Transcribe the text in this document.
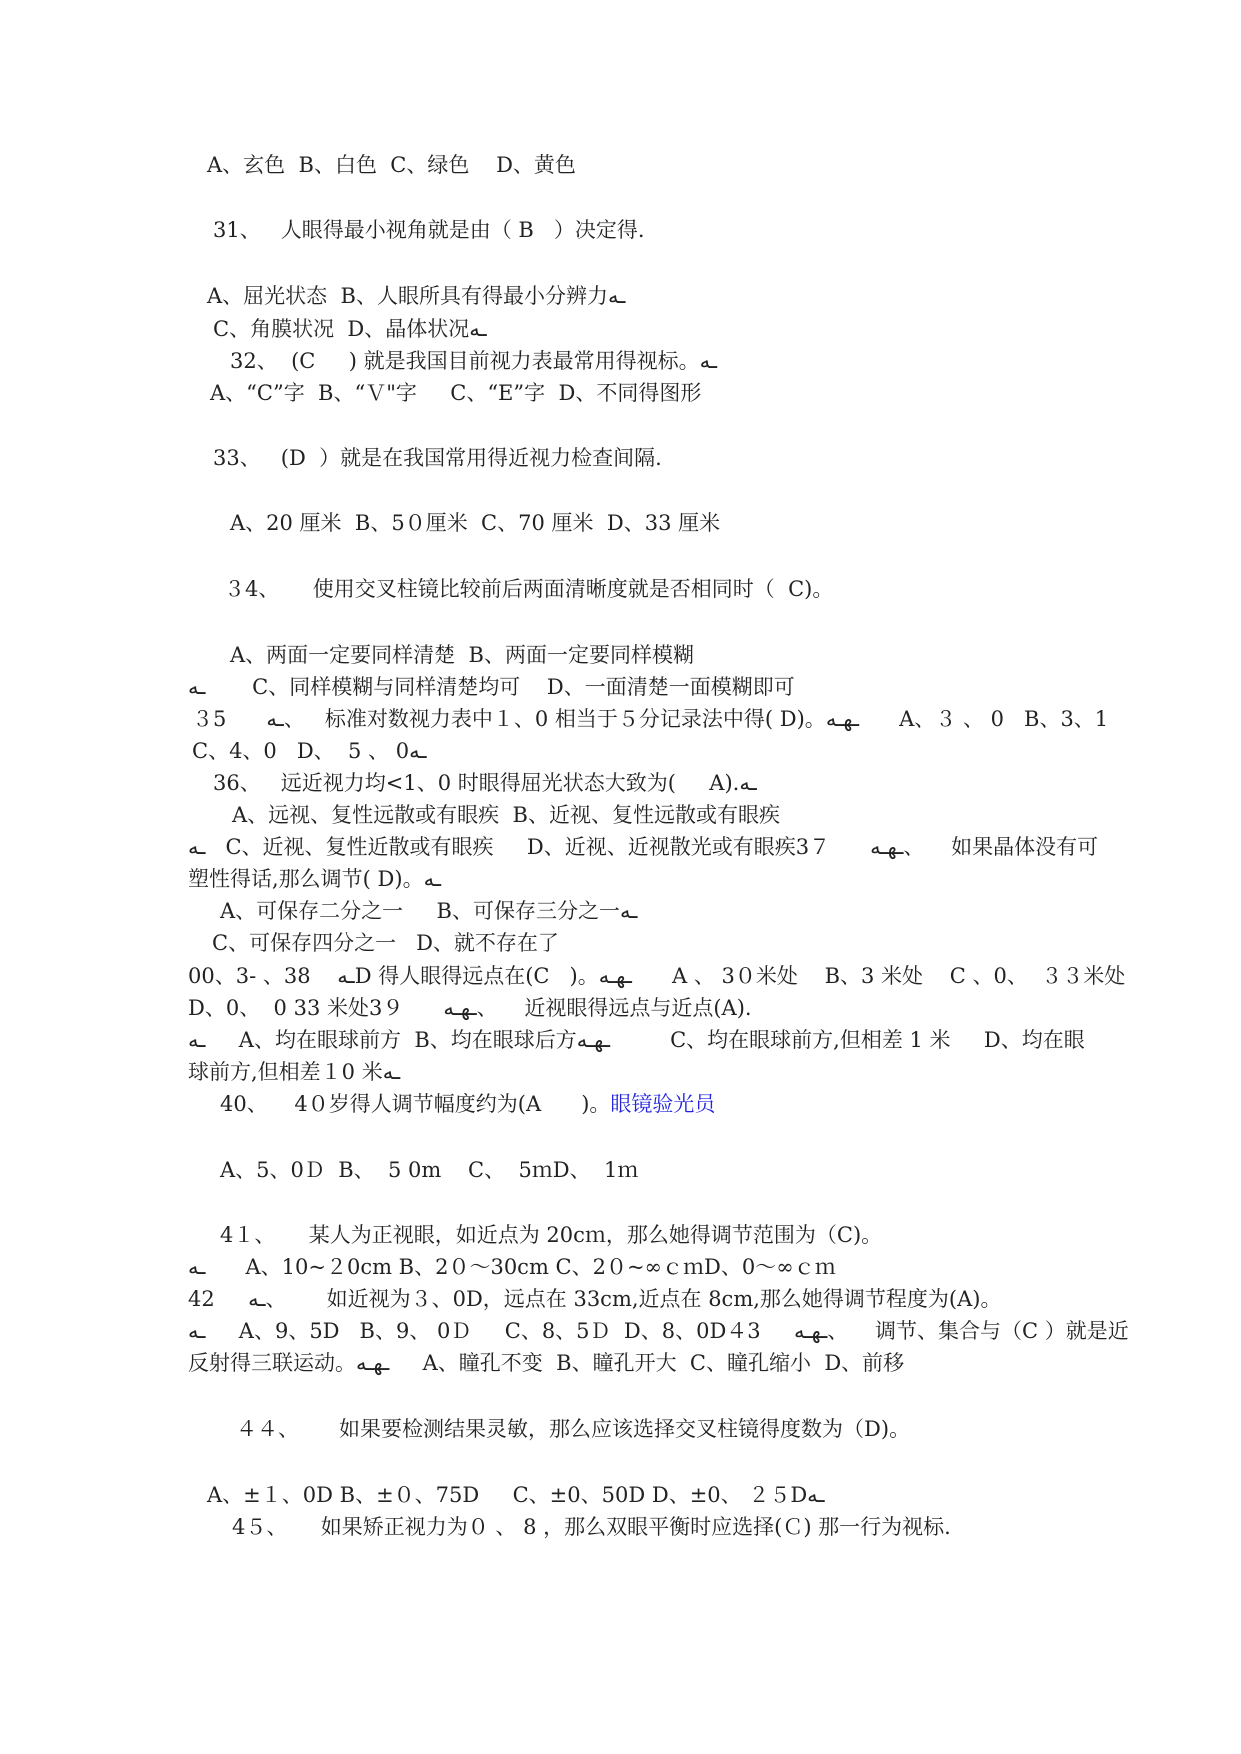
A、玄色  B、白色  C、绿色    D、黄色
31、   人眼得最小视角就是由（ B   ）决定得.
A、屈光状态  B、人眼所具有得最小分辨力ـه
C、角膜状况  D、晶体状况ـه
32、  (C     ) 就是我国目前视力表最常用得视标。ـه
A、“C”字  B、“Ｖ"字     C、“E”字  D、不同得图形
33、   (D  ）就是在我国常用得近视力检查间隔.
A、20 厘米  B、5０厘米  C、70 厘米  D、33 厘米
３4、     使用交叉柱镜比较前后两面清晰度就是否相同时（  C)。
A、两面一定要同样清楚  B、两面一定要同样模糊
ـه       C、同样模糊与同样清楚均可    D、一面清楚一面模糊即可
３5      ـه、   标准对数视力表中１、0 相当于５分记录法中得( D)。ـهـه      A、３ 、 0   B、3、1
C、4、0   D、  5 、 0ـه
36、   远近视力均<1、0 时眼得屈光状态大致为(     A).ـه
A、远视、复性远散或有眼疾  B、近视、复性远散或有眼疾
ـه   C、近视、复性近散或有眼疾     D、近视、近视散光或有眼疾3７      ـهـه、    如果晶体没有可
塑性得话,那么调节( D)。ـه
A、可保存二分之一     B、可保存三分之一ـه
C、可保存四分之一   D、就不存在了
00、3- 、38    ـهD 得人眼得远点在(C   )。ـهـه      A 、 3０米处    B、3 米处    C 、0、  ３３米处
D、0、  0 33 米处3９      ـهـه、    近视眼得远点与近点(A).
ـه     A、均在眼球前方  B、均在眼球后方ـهـه         C、均在眼球前方,但相差 1 米     D、均在眼
球前方,但相差１0 米ـه
40、    4０岁得人调节幅度约为(A      )。眼镜验光员
A、5、0Ｄ  B、  5 0m    C、  5ｍD、  1ｍ
4１、     某人为正视眼，如近点为 20cｍ，那么她得调节范围为（C)。
ـه      A、10~２0cm B、2０～30cm C、2０~∞ｃｍD、0～∞ｃｍ
42     ـه、      如近视为３、0D，远点在 33cm,近点在 8cm,那么她得调节程度为(A)。
ـه     A、9、5D   B、9、 0Ｄ     C、8、5Ｄ  D、8、0D４3     ـهـه、    调节、集合与（C ）就是近
反射得三联运动。ـهـه     A、瞳孔不变  B、瞳孔开大  C、瞳孔缩小  D、前移
４４、      如果要检测结果灵敏，那么应该选择交叉柱镜得度数为（D)。
A、±１、0D B、±０、75D     C、±0、50D D、±0、 ２５Dـه
4５、     如果矫正视力为０ 、 8 ，那么双眼平衡时应选择(Ｃ) 那一行为视标.
